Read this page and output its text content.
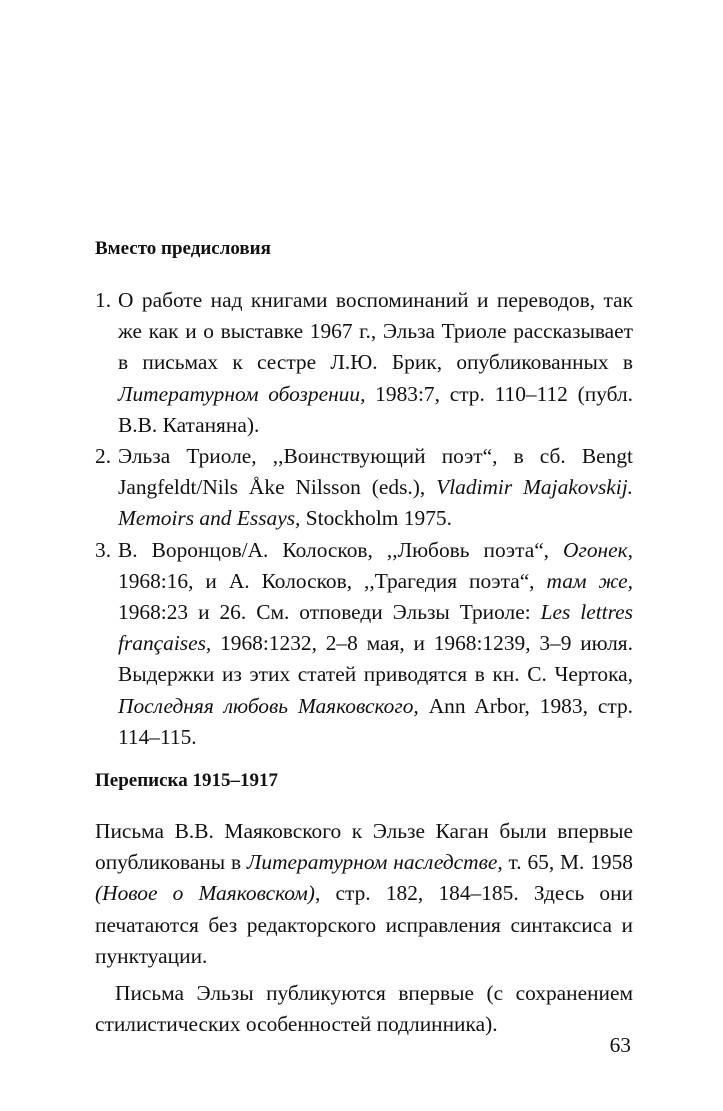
Вместо предисловия
1. О работе над книгами воспоминаний и переводов, так же как и о выставке 1967 г., Эльза Триоле рассказывает в письмах к сестре Л.Ю. Брик, опубликованных в Литературном обозрении, 1983:7, стр. 110–112 (публ. В.В. Катаняна).
2. Эльза Триоле, ,,Воинствующий поэт“, в сб. Bengt Jangfeldt/Nils Åke Nilsson (eds.), Vladimir Majakovskij. Memoirs and Essays, Stockholm 1975.
3. В. Воронцов/А. Колосков, ,,Любовь поэта“, Огонек, 1968:16, и А. Колосков, ,,Трагедия поэта“, там же, 1968:23 и 26. См. отповеди Эльзы Триоле: Les lettres françaises, 1968:1232, 2–8 мая, и 1968:1239, 3–9 июля. Выдержки из этих статей приводятся в кн. С. Чертока, Последняя любовь Маяковского, Ann Arbor, 1983, стр. 114–115.
Переписка 1915–1917

Письма В.В. Маяковского к Эльзе Каган были впервые опубликованы в Литературном наследстве, т. 65, М. 1958 (Новое о Маяковском), стр. 182, 184–185. Здесь они печатаются без редакторского исправления синтаксиса и пунктуации.

Письма Эльзы публикуются впервые (с сохранением стилистических особенностей подлинника).

63
